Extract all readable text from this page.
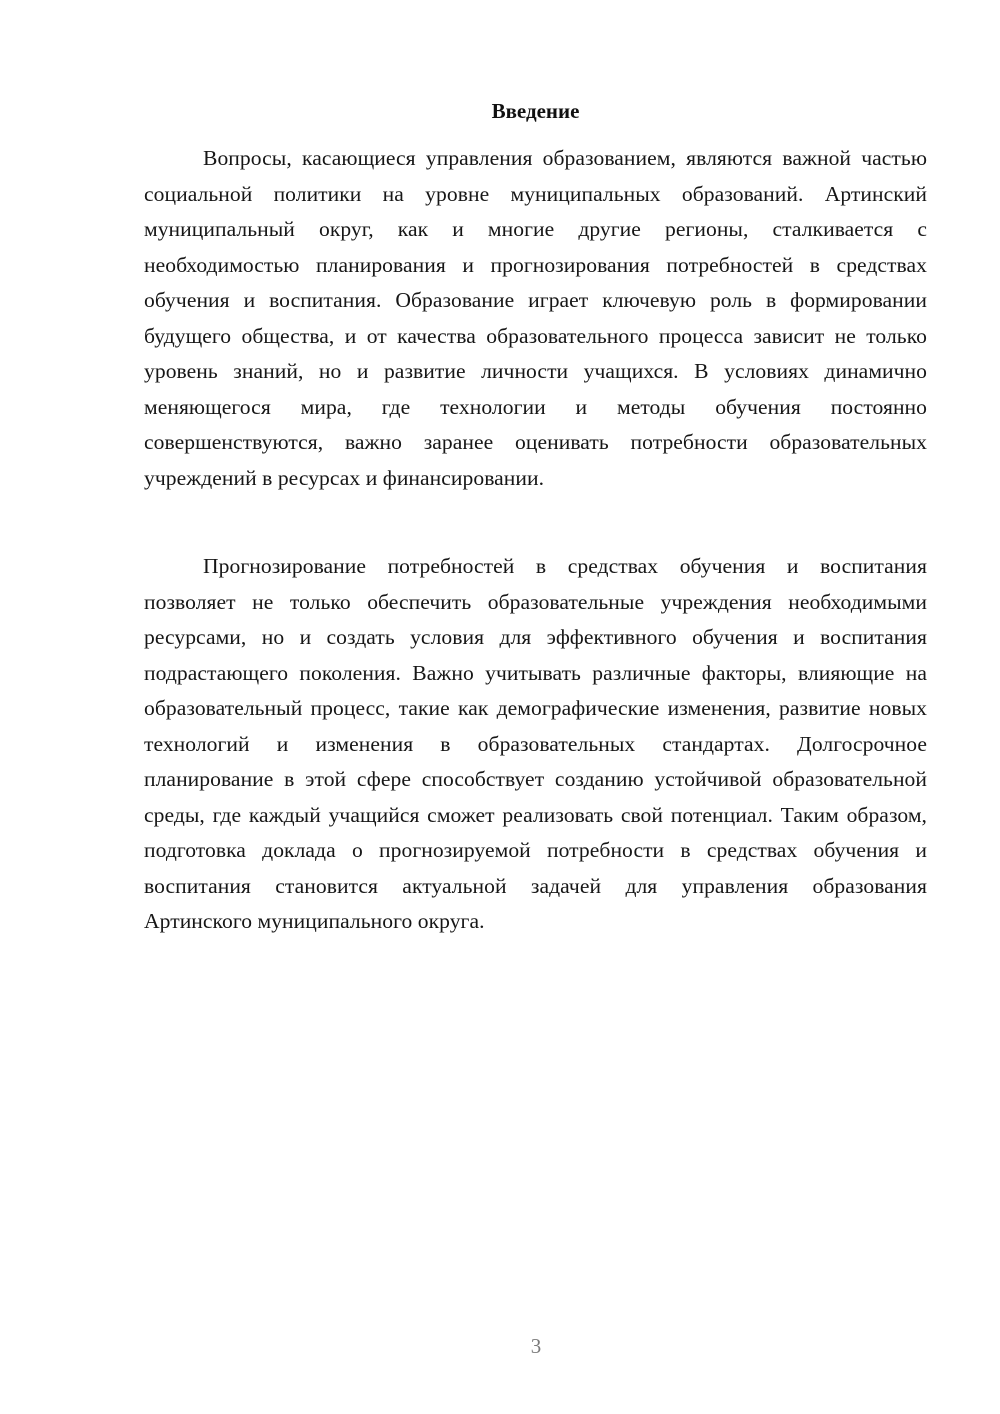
Введение

Вопросы, касающиеся управления образованием, являются важной частью социальной политики на уровне муниципальных образований. Артинский муниципальный округ, как и многие другие регионы, сталкивается с необходимостью планирования и прогнозирования потребностей в средствах обучения и воспитания. Образование играет ключевую роль в формировании будущего общества, и от качества образовательного процесса зависит не только уровень знаний, но и развитие личности учащихся. В условиях динамично меняющегося мира, где технологии и методы обучения постоянно совершенствуются, важно заранее оценивать потребности образовательных учреждений в ресурсах и финансировании.

Прогнозирование потребностей в средствах обучения и воспитания позволяет не только обеспечить образовательные учреждения необходимыми ресурсами, но и создать условия для эффективного обучения и воспитания подрастающего поколения. Важно учитывать различные факторы, влияющие на образовательный процесс, такие как демографические изменения, развитие новых технологий и изменения в образовательных стандартах. Долгосрочное планирование в этой сфере способствует созданию устойчивой образовательной среды, где каждый учащийся сможет реализовать свой потенциал. Таким образом, подготовка доклада о прогнозируемой потребности в средствах обучения и воспитания становится актуальной задачей для управления образования Артинского муниципального округа.

3
